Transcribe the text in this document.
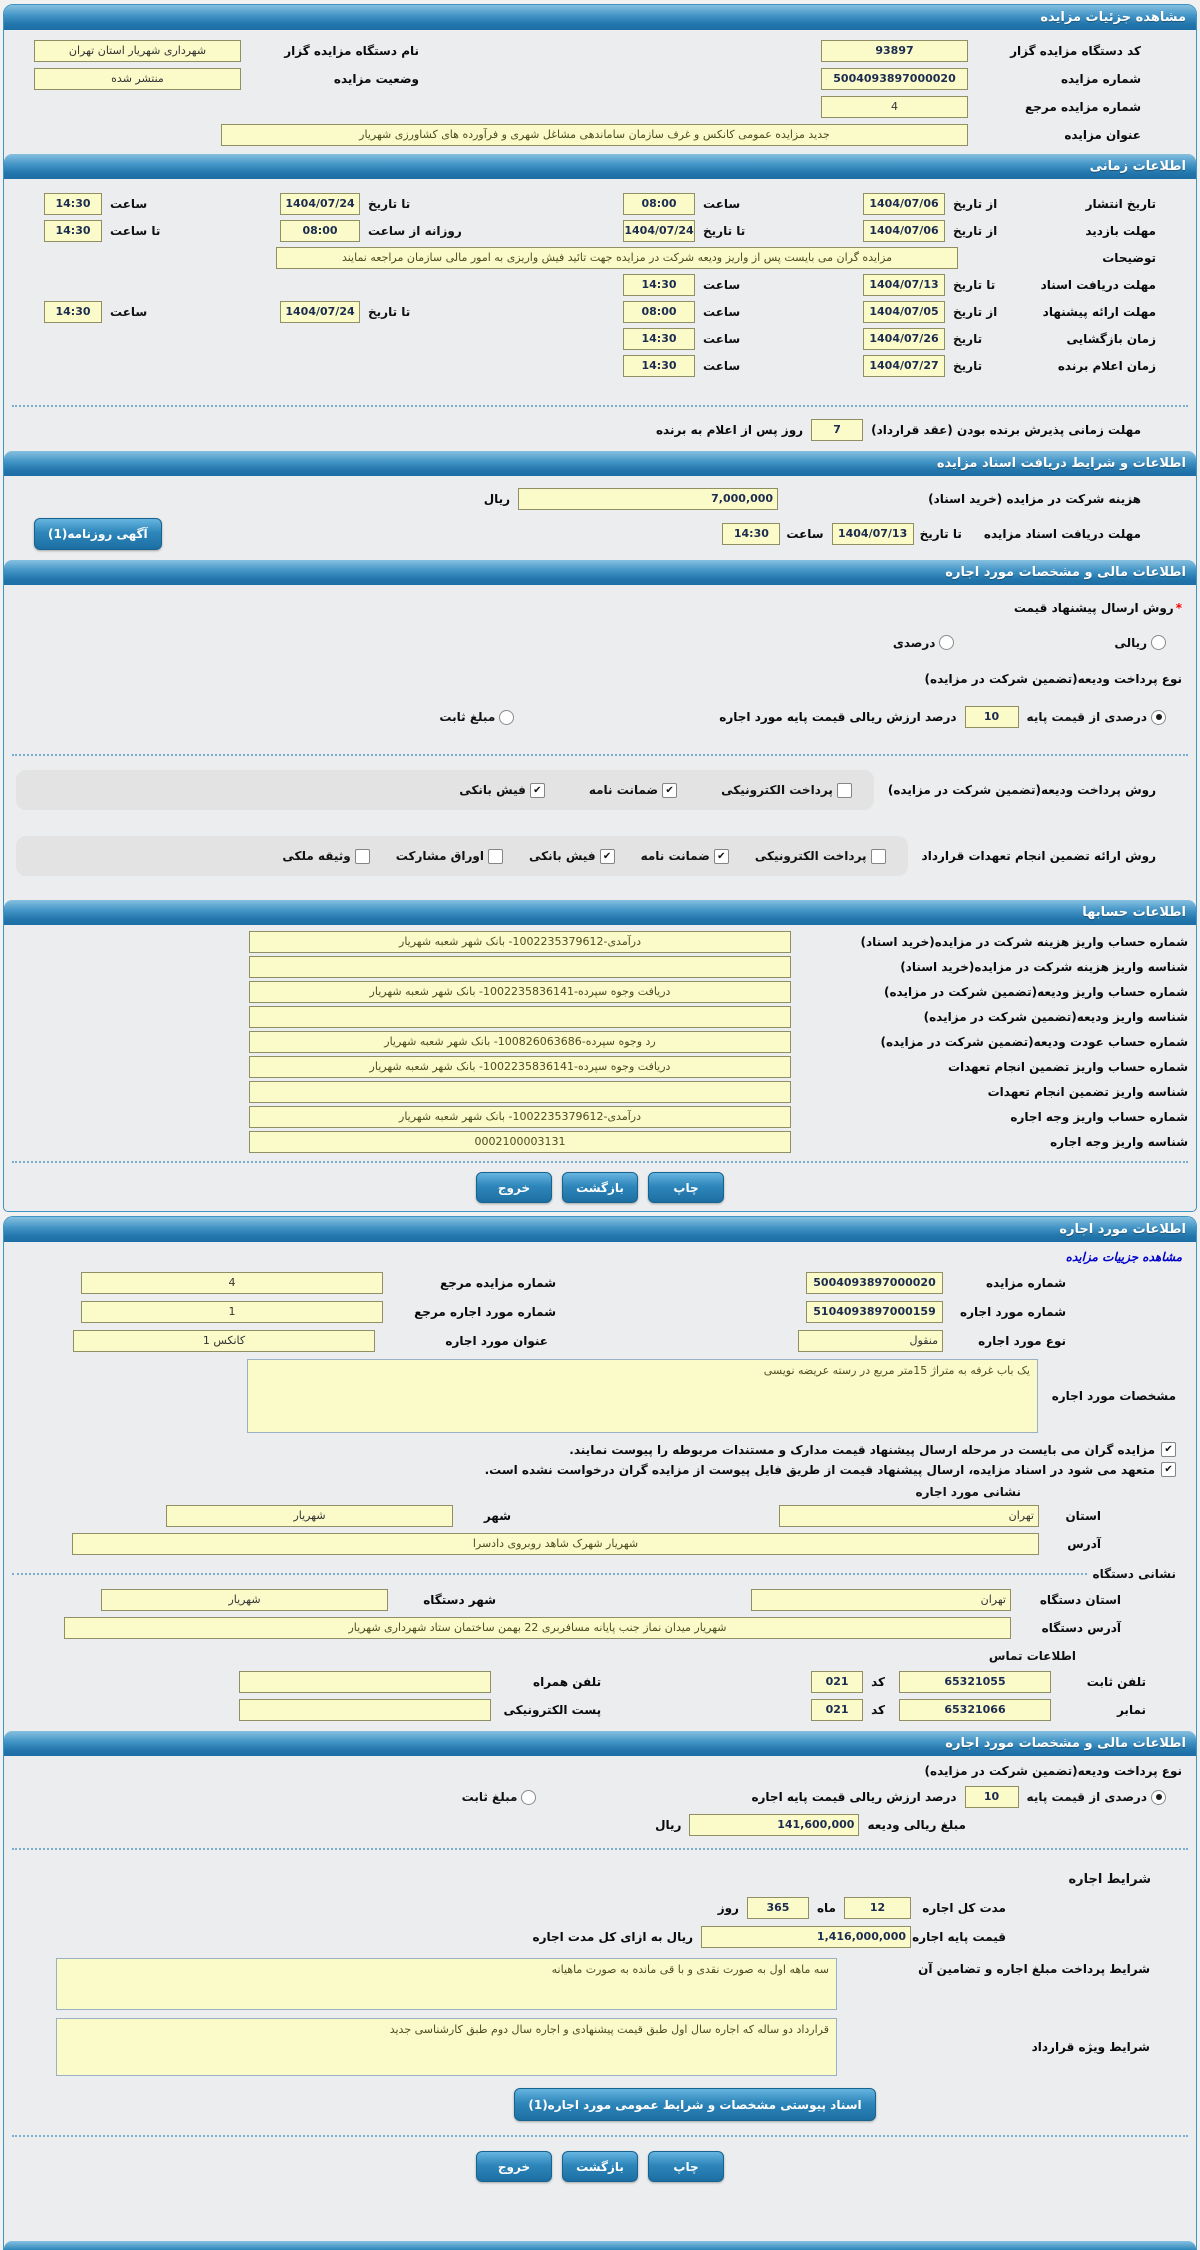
مشاهده جزئیات مزایده
کد دستگاه مزایده گزار
93897
نام دستگاه مزایده گزار
شهرداری شهریار استان تهران
شماره مزایده
5004093897000020
وضعیت مزایده
منتشر شده
شماره مزایده مرجع
4
عنوان مزایده
جدید مزایده عمومی کانکس و غرف سازمان ساماندهی مشاغل شهری و فرآورده های کشاورزی شهریار
اطلاعات زمانی
تاریخ انتشار
از تاریخ
1404/07/06
ساعت
08:00
تا تاریخ
1404/07/24
ساعت
14:30
مهلت بازدید
از تاریخ
1404/07/06
تا تاریخ
1404/07/24
روزانه از ساعت
08:00
تا ساعت
14:30
توضیحات
مزایده گران می بایست پس از واریز ودیعه شرکت در مزایده جهت تائید فیش واریزی به امور مالی سازمان مراجعه نمایند
مهلت دریافت اسناد
تا تاریخ
1404/07/13
ساعت
14:30
مهلت ارائه پیشنهاد
از تاریخ
1404/07/05
ساعت
08:00
تا تاریخ
1404/07/24
ساعت
14:30
زمان بازگشایی
تاریخ
1404/07/26
ساعت
14:30
زمان اعلام برنده
تاریخ
1404/07/27
ساعت
14:30
مهلت زمانی پذیرش برنده بودن (عقد قرارداد)
7
روز پس از اعلام به برنده
اطلاعات و شرایط دریافت اسناد مزایده
هزینه شرکت در مزایده (خرید اسناد)
7,000,000
ریال
مهلت دریافت اسناد مزایده
تا تاریخ
1404/07/13
ساعت
14:30
آگهی روزنامه(1)
اطلاعات مالی و مشخصات مورد اجاره
*
روش ارسال پیشنهاد قیمت
ریالی
درصدی
نوع پرداخت ودیعه(تضمین شرکت در مزایده)
درصدی از قیمت پایه
10
درصد ارزش ریالی قیمت پایه مورد اجاره
مبلغ ثابت
روش پرداخت ودیعه(تضمین شرکت در مزایده)
پرداخت الکترونیکی
✔
ضمانت نامه
✔
فیش بانکی
روش ارائه تضمین انجام تعهدات قرارداد
پرداخت الکترونیکی
✔
ضمانت نامه
✔
فیش بانکی
اوراق مشارکت
وثیقه ملکی
اطلاعات حسابها
شماره حساب واریز هزینه شرکت در مزایده(خرید اسناد)
درآمدی-1002235379612- بانک شهر شعبه شهریار
شناسه واریز هزینه شرکت در مزایده(خرید اسناد)
شماره حساب واریز ودیعه(تضمین شرکت در مزایده)
دریافت وجوه سپرده-1002235836141- بانک شهر شعبه شهریار
شناسه واریز ودیعه(تضمین شرکت در مزایده)
شماره حساب عودت ودیعه(تضمین شرکت در مزایده)
رد وجوه سپرده-100826063686- بانک شهر شعبه شهریار
شماره حساب واریز تضمین انجام تعهدات
دریافت وجوه سپرده-1002235836141- بانک شهر شعبه شهریار
شناسه واریز تضمین انجام تعهدات
شماره حساب واریز وجه اجاره
درآمدی-1002235379612- بانک شهر شعبه شهریار
شناسه واریز وجه اجاره
0002100003131
چاپ
بازگشت
خروج
اطلاعات مورد اجاره
مشاهده جزییات مزایده
شماره مزایده
5004093897000020
شماره مزایده مرجع
4
شماره مورد اجاره
5104093897000159
شماره مورد اجاره مرجع
1
نوع مورد اجاره
منقول
عنوان مورد اجاره
کانکس 1
مشخصات مورد اجاره
یک باب غرفه به متراژ 15متر مربع در رسته عریضه نویسی
✔
مزایده گران می بایست در مرحله ارسال پیشنهاد قیمت مدارک و مستندات مربوطه را پیوست نمایند.
✔
متعهد می شود در اسناد مزایده، ارسال پیشنهاد قیمت از طریق فایل پیوست از مزایده گران درخواست نشده است.
نشانی مورد اجاره
استان
تهران
شهر
شهریار
آدرس
شهریار شهرک شاهد روبروی دادسرا
نشانی دستگاه
استان دستگاه
تهران
شهر دستگاه
شهریار
آدرس دستگاه
شهریار میدان نماز جنب پایانه مسافربری 22 بهمن ساختمان ستاد شهرداری شهریار
اطلاعات تماس
تلفن ثابت
65321055
کد
021
تلفن همراه
نمابر
65321066
کد
021
پست الکترونیکی
اطلاعات مالی و مشخصات مورد اجاره
نوع پرداخت ودیعه(تضمین شرکت در مزایده)
درصدی از قیمت پایه
10
درصد ارزش ریالی قیمت پایه اجاره
مبلغ ثابت
مبلغ ریالی ودیعه
141,600,000
ریال
شرایط اجاره
مدت کل اجاره
12
ماه
365
روز
قیمت پایه اجاره
1,416,000,000
ریال به ازای کل مدت اجاره
شرایط پرداخت مبلغ اجاره و تضامین آن
سه ماهه اول به صورت نقدی و با قی مانده به صورت ماهیانه
شرایط ویژه قرارداد
قرارداد دو ساله که اجاره سال اول طبق قیمت پیشنهادی و اجاره سال دوم طبق کارشناسی جدید
اسناد پیوستی مشخصات و شرایط عمومی مورد اجاره(1)
چاپ
بازگشت
خروج
